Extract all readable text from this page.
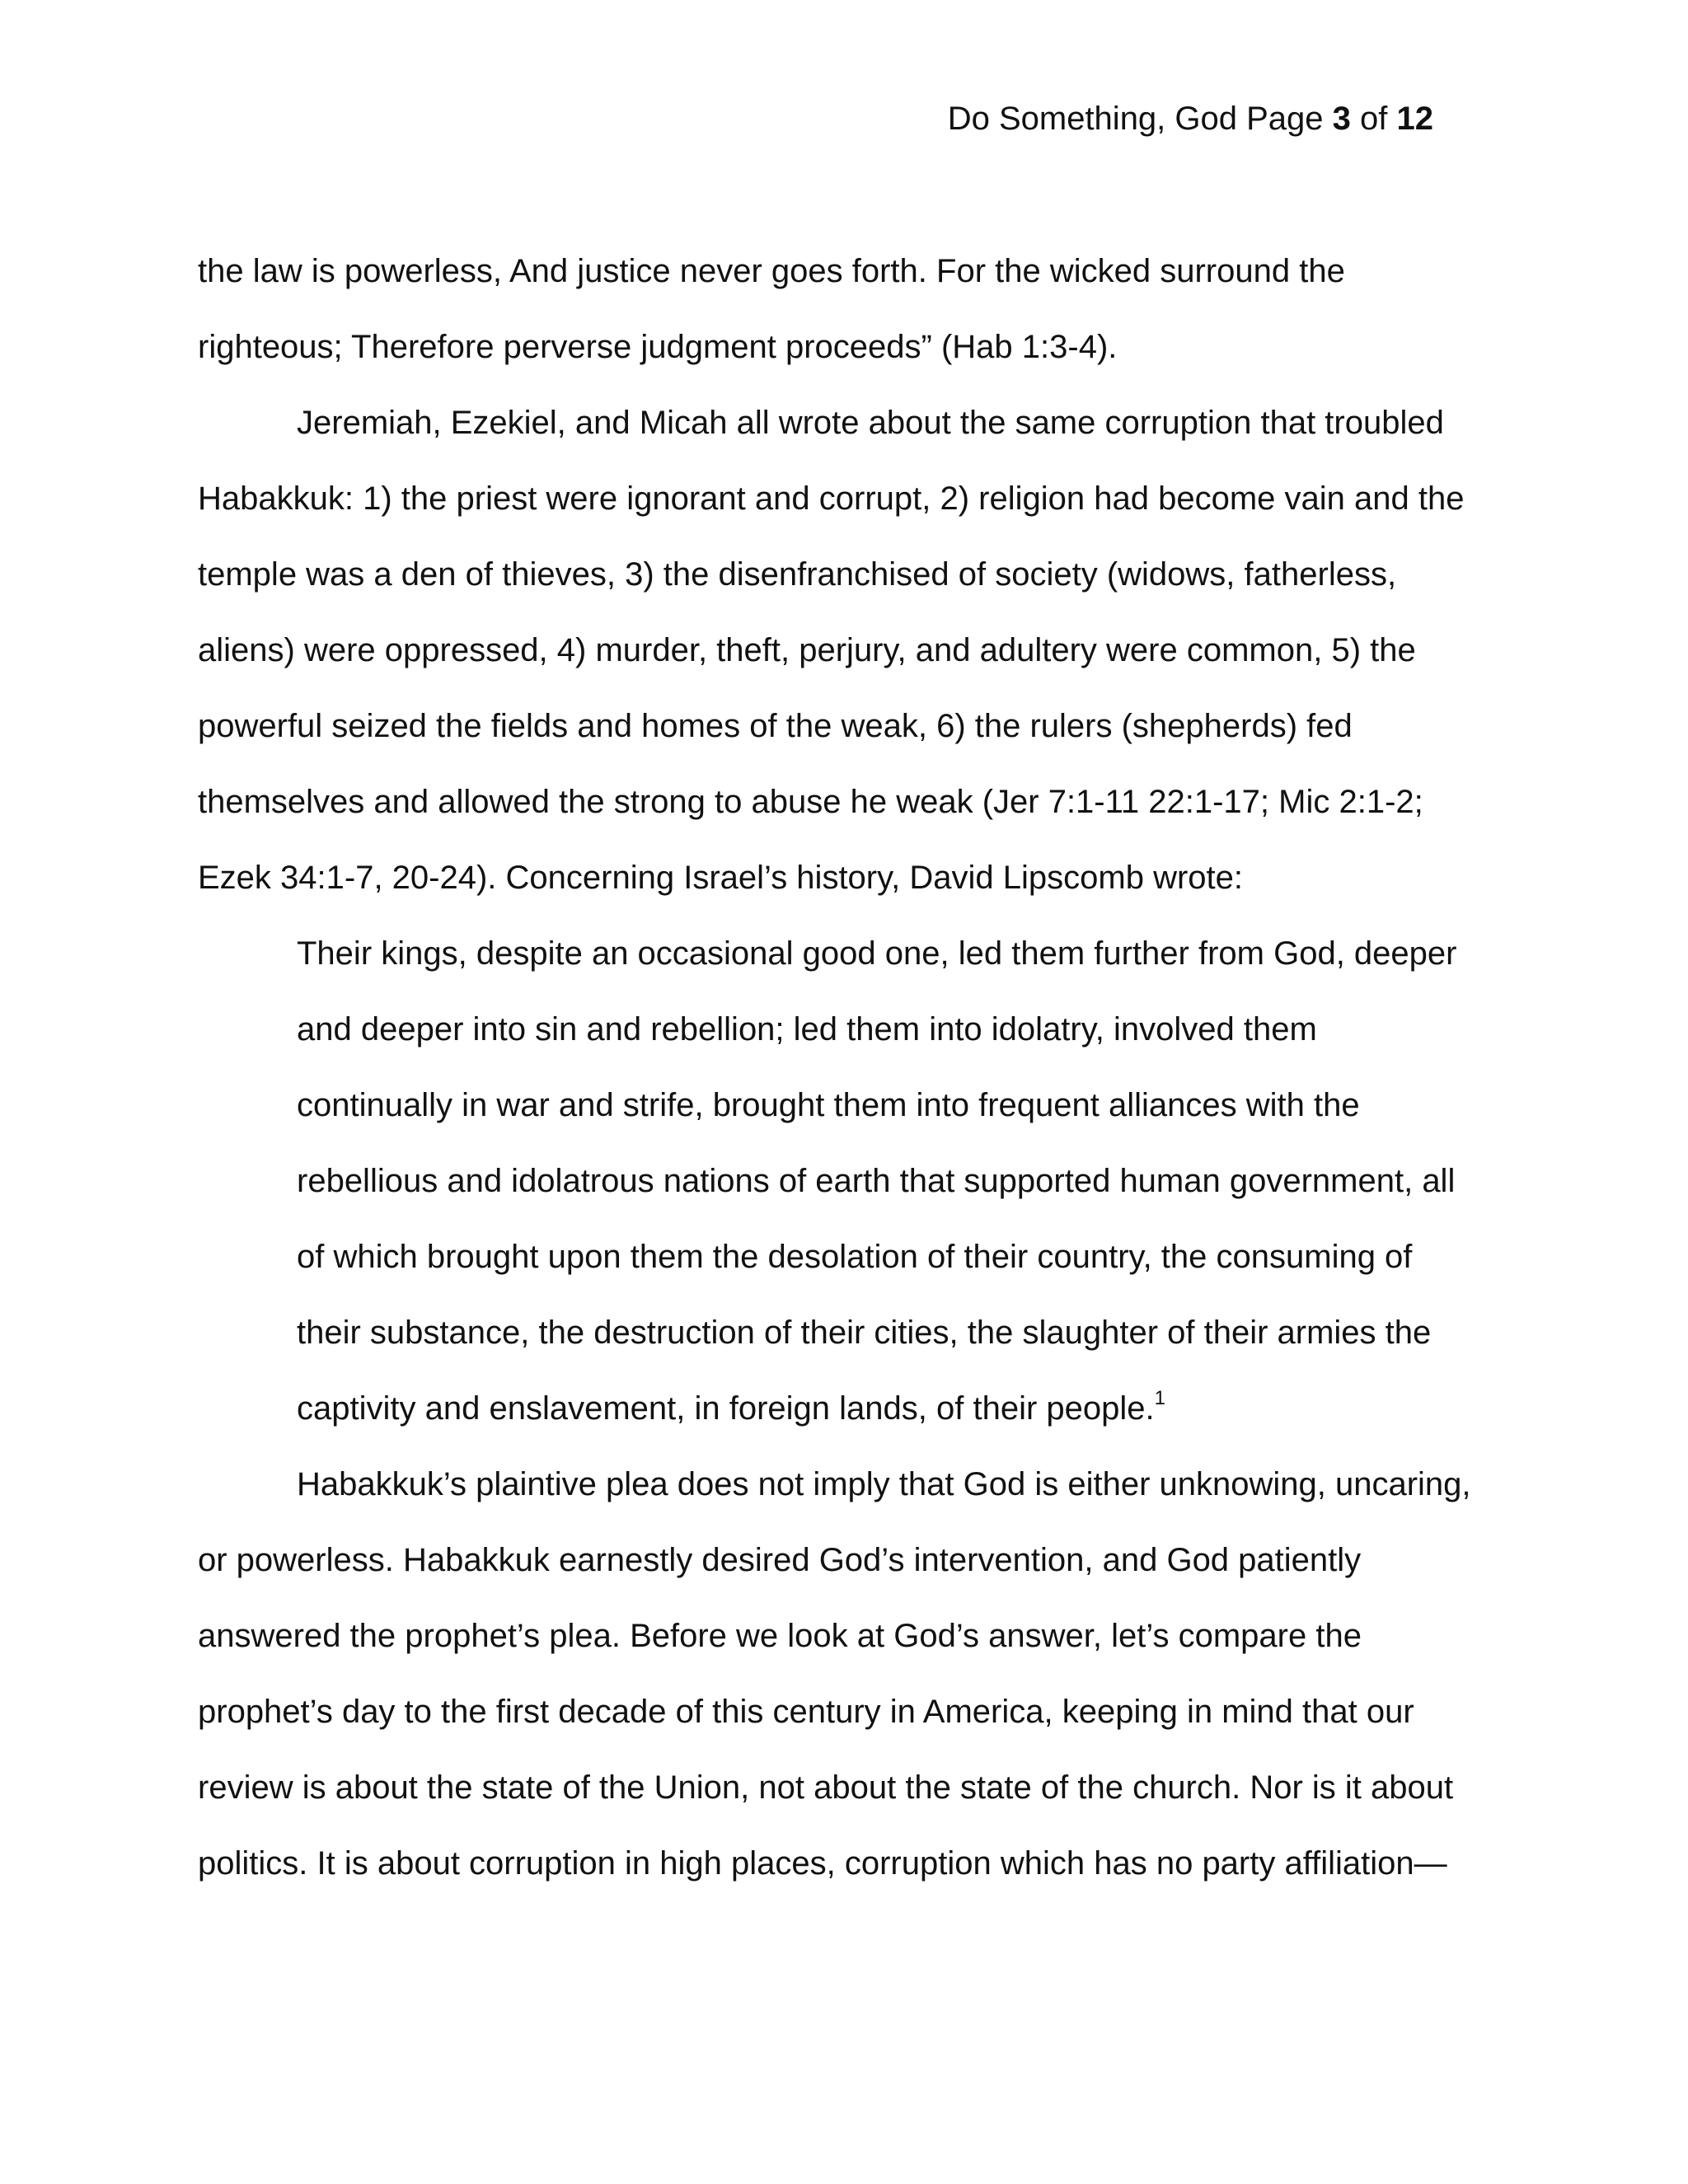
Do Something, God Page 3 of 12
the law is powerless, And justice never goes forth. For the wicked surround the
righteous; Therefore perverse judgment proceeds” (Hab 1:3-4).
Jeremiah, Ezekiel, and Micah all wrote about the same corruption that troubled
Habakkuk: 1) the priest were ignorant and corrupt, 2) religion had become vain and the
temple was a den of thieves, 3) the disenfranchised of society (widows, fatherless,
aliens) were oppressed, 4) murder, theft, perjury, and adultery were common, 5) the
powerful seized the fields and homes of the weak, 6) the rulers (shepherds) fed
themselves and allowed the strong to abuse he weak (Jer 7:1-11 22:1-17; Mic 2:1-2;
Ezek 34:1-7, 20-24). Concerning Israel’s history, David Lipscomb wrote:
Their kings, despite an occasional good one, led them further from God, deeper
and deeper into sin and rebellion; led them into idolatry, involved them
continually in war and strife, brought them into frequent alliances with the
rebellious and idolatrous nations of earth that supported human government, all
of which brought upon them the desolation of their country, the consuming of
their substance, the destruction of their cities, the slaughter of their armies the
captivity and enslavement, in foreign lands, of their people.$^1$
Habakkuk’s plaintive plea does not imply that God is either unknowing, uncaring,
or powerless. Habakkuk earnestly desired God’s intervention, and God patiently
answered the prophet’s plea. Before we look at God’s answer, let’s compare the
prophet’s day to the first decade of this century in America, keeping in mind that our
review is about the state of the Union, not about the state of the church. Nor is it about
politics. It is about corruption in high places, corruption which has no party affiliation—
